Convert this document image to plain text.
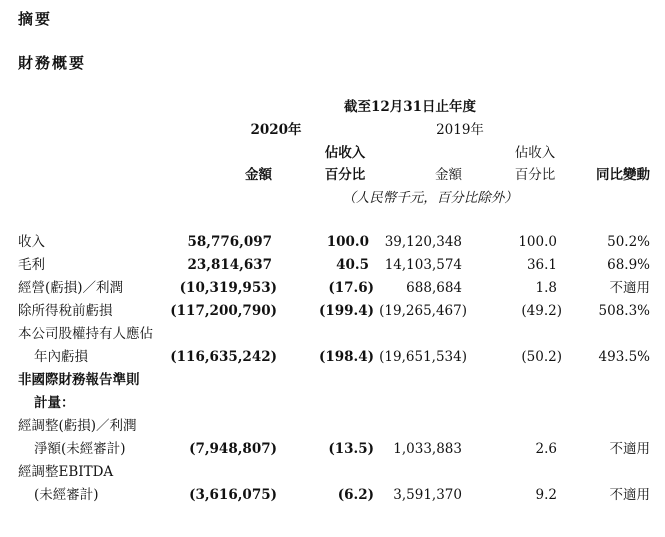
摘要
財務概要
截至12月31日止年度
2020年	2019年
金額
佔收入
百分比	金額
佔收入
百分比	同比變動
（人民幣千元，百分比除外）
收入	58,776,097	100.0	39,120,348	100.0	50.2%
毛利	23,814,637	40.5	14,103,574	36.1	68.9%
經營(虧損)／利潤	(10,319,953)	(17.6)	688,684	1.8	不適用
除所得稅前虧損	(117,200,790)	(199.4) (19,265,467)	(49.2)	508.3%
本公司股權持有人應佔
年內虧損	(116,635,242)	(198.4) (19,651,534)	(50.2)	493.5%
非國際財務報告準則
計量：
經調整(虧損)／利潤
淨額(未經審計)	(7,948,807)	(13.5)	1,033,883	2.6	不適用
經調整EBITDA
(未經審計)	(3,616,075)	(6.2)	3,591,370	9.2	不適用
